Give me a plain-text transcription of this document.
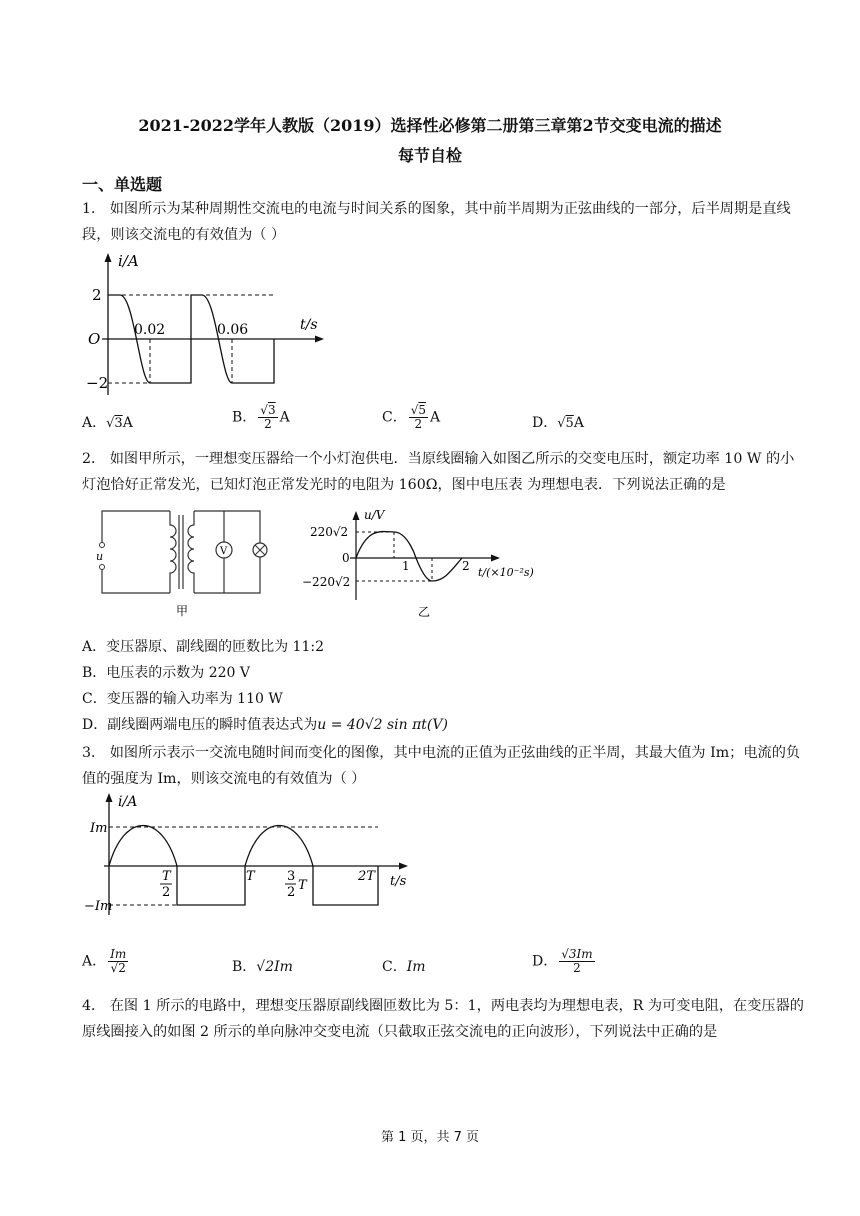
2021-2022学年人教版（2019）选择性必修第二册第三章第2节交变电流的描述
每节自检
一、单选题
1． 如图所示为某种周期性交流电的电流与时间关系的图象，其中前半周期为正弦曲线的一部分，后半周期是直线段，则该交流电的有效值为（ ）
i/A
2
O
−2
0.02	0.06	t/s
A．√3A	B． $\frac{√3}{2}$ A	C． $\frac{√5}{2}$ A	D．√5A
2． 如图甲所示，一理想变压器给一个小灯泡供电．当原线圈输入如图乙所示的交变电压时，额定功率 10 W 的小灯泡恰好正常发光，已知灯泡正常发光时的电阻为 160Ω，图中电压表 为理想电表．下列说法正确的是
u	V
甲
u/V
220√2
0
−220√2
1	2 t/(×10⁻²s)
乙
A．变压器原、副线圈的匝数比为 11:2
B．电压表的示数为 220 V
C．变压器的输入功率为 110 W
D．副线圈两端电压的瞬时值表达式为u = 40√2 sin πt(V)
3． 如图所示表示一交流电随时间而变化的图像，其中电流的正值为正弦曲线的正半周，其最大值为 Im；电流的负值的强度为 Im，则该交流电的有效值为（ ）
i/A
Im
−Im
T
2
T 3
2 T
2T t/s
A． $\frac{Im}{√2}$	B．√2Im	C．Im	D． $\frac{√3Im}{2}$
4． 在图 1 所示的电路中，理想变压器原副线圈匝数比为 5：1，两电表均为理想电表，R 为可变电阻，在变压器的原线圈接入的如图 2 所示的单向脉冲交变电流（只截取正弦交流电的正向波形），下列说法中正确的是
第 1 页，共 7 页
